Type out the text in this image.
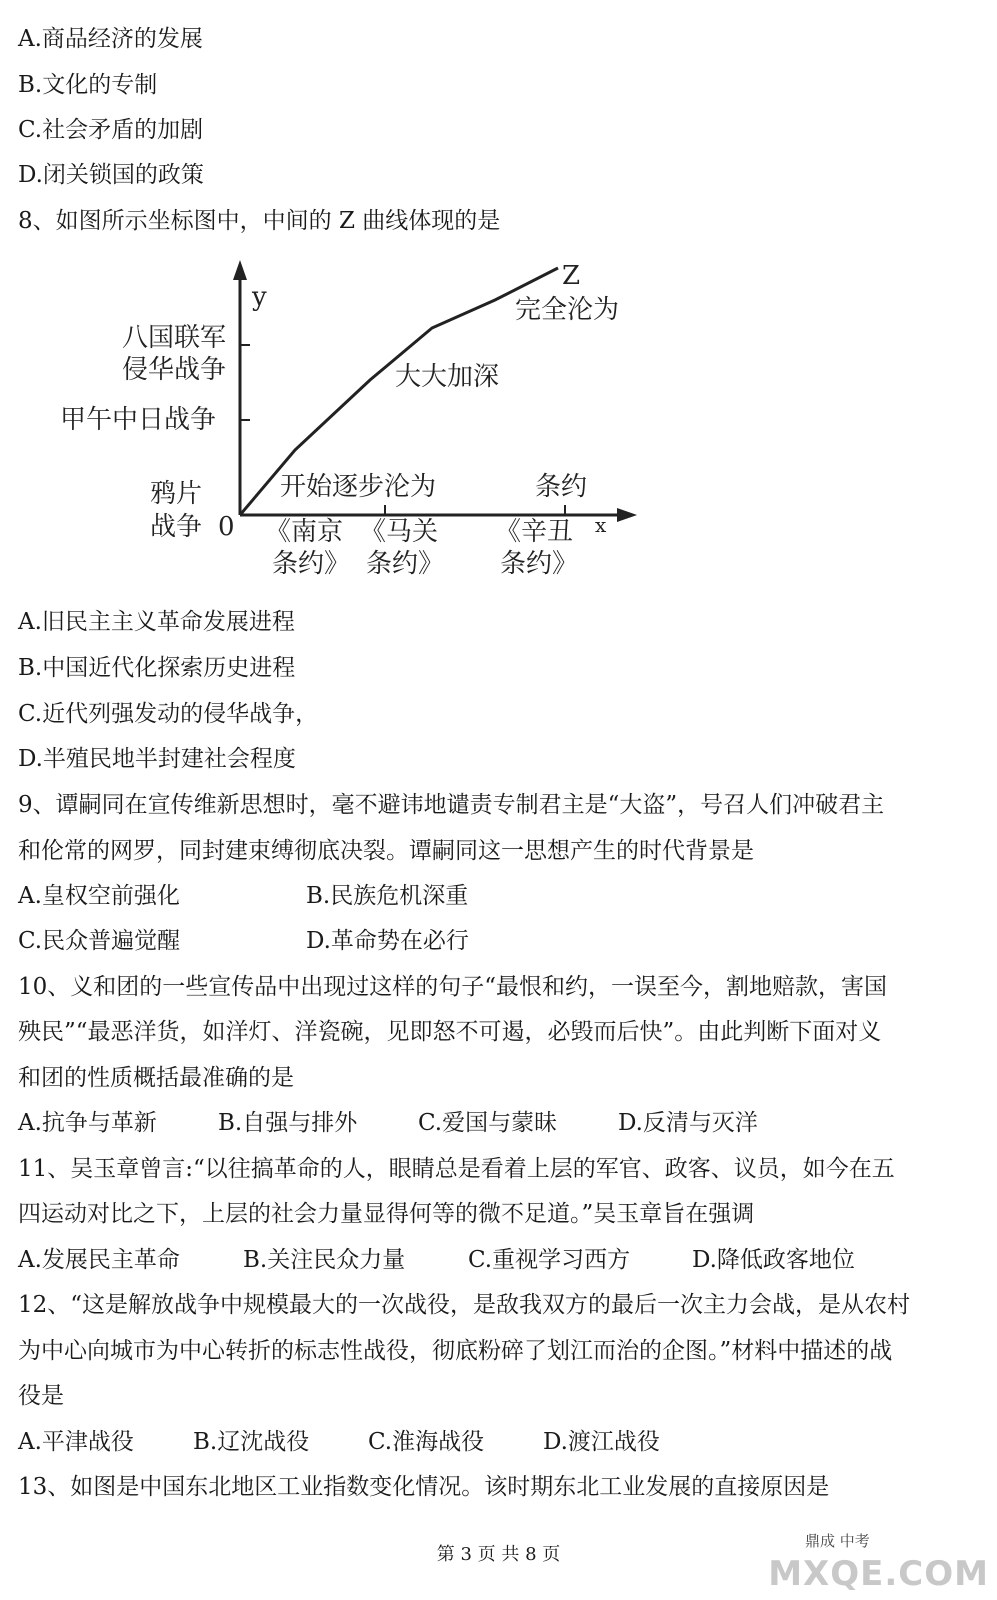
A.商品经济的发展
B.文化的专制
C.社会矛盾的加剧
D.闭关锁国的政策
8、如图所示坐标图中，中间的 Z 曲线体现的是
y
Z
完全沦为
大大加深
开始逐步沦为	条约
八国联军
侵华战争
甲午中日战争
鸦片
战争 0	x
《南京
条约》
《马关
条约》
《辛丑
条约》
A.旧民主主义革命发展进程
B.中国近代化探索历史进程
C.近代列强发动的侵华战争，
D.半殖民地半封建社会程度
9、谭嗣同在宣传维新思想时，毫不避讳地谴责专制君主是“大盗”，号召人们冲破君主
和伦常的网罗，同封建束缚彻底决裂。谭嗣同这一思想产生的时代背景是
A.皇权空前强化	B.民族危机深重
C.民众普遍觉醒	D.革命势在必行
10、义和团的一些宣传品中出现过这样的句子“最恨和约，一误至今，割地赔款，害国
殃民”“最恶洋货，如洋灯、洋瓷碗，见即怒不可遏，必毁而后快”。由此判断下面对义
和团的性质概括最准确的是
A.抗争与革新	B.自强与排外	C.爱国与蒙昧	D.反清与灭洋
11、吴玉章曾言:“以往搞革命的人，眼睛总是看着上层的军官、政客、议员，如今在五
四运动对比之下，上层的社会力量显得何等的微不足道。”吴玉章旨在强调
A.发展民主革命	B.关注民众力量	C.重视学习西方	D.降低政客地位
12、“这是解放战争中规模最大的一次战役，是敌我双方的最后一次主力会战，是从农村
为中心向城市为中心转折的标志性战役，彻底粉碎了划江而治的企图。”材料中描述的战
役是
A.平津战役	B.辽沈战役	C.淮海战役	D.渡江战役
13、如图是中国东北地区工业指数变化情况。该时期东北工业发展的直接原因是
第 3 页 共 8 页
鼎成 中考
MXQE.COM
